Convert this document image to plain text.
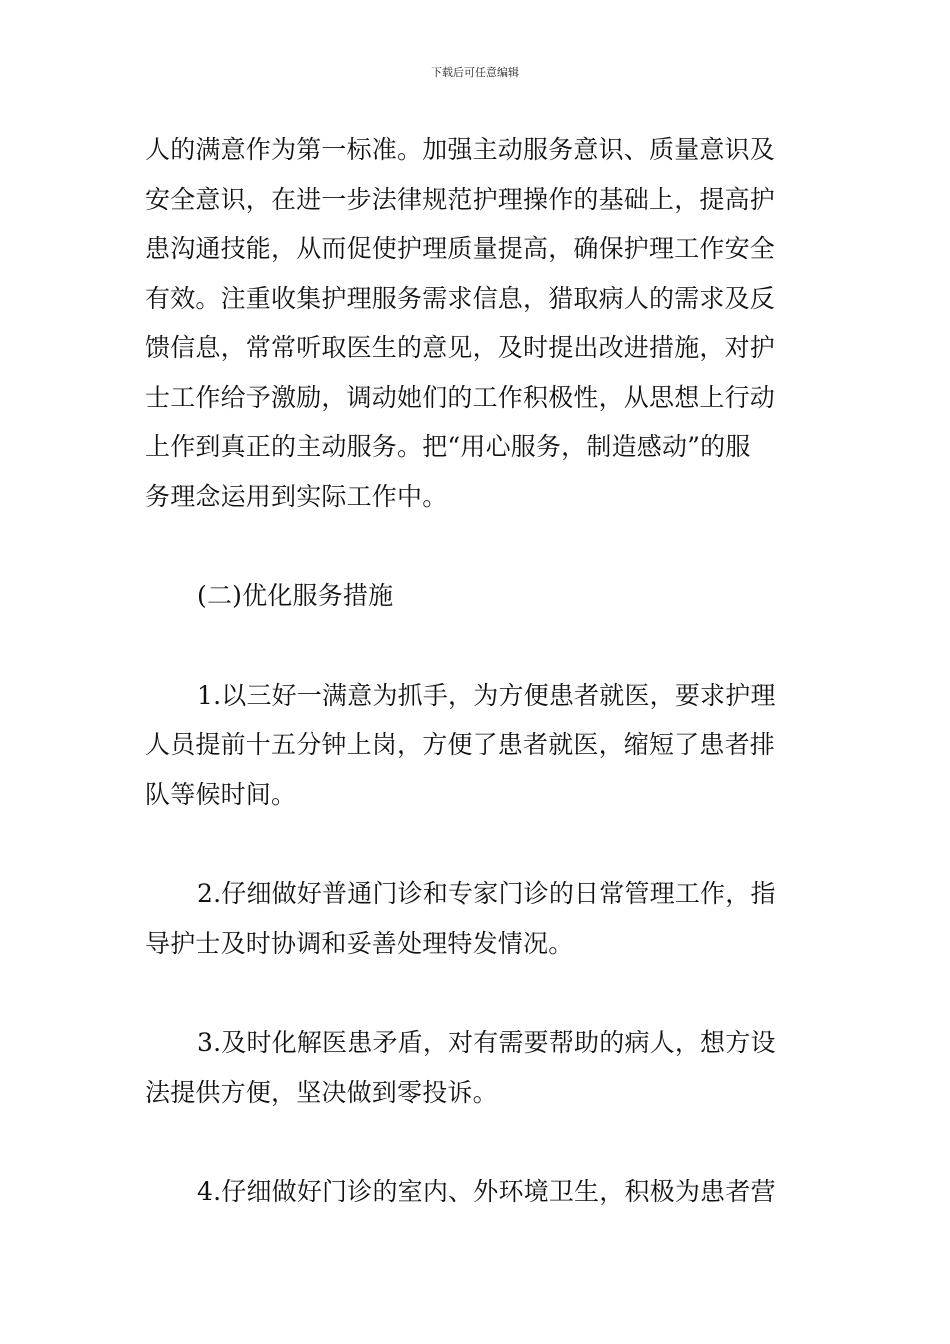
下载后可任意编辑

人的满意作为第一标准。加强主动服务意识、质量意识及
安全意识，在进一步法律规范护理操作的基础上，提高护
患沟通技能，从而促使护理质量提高，确保护理工作安全
有效。注重收集护理服务需求信息，猎取病人的需求及反
馈信息，常常听取医生的意见，及时提出改进措施，对护
士工作给予激励，调动她们的工作积极性，从思想上行动
上作到真正的主动服务。把“用心服务，制造感动”的服
务理念运用到实际工作中。

(二)优化服务措施

1.以三好一满意为抓手，为方便患者就医，要求护理
人员提前十五分钟上岗，方便了患者就医，缩短了患者排
队等候时间。

2.仔细做好普通门诊和专家门诊的日常管理工作，指
导护士及时协调和妥善处理特发情况。

3.及时化解医患矛盾，对有需要帮助的病人，想方设
法提供方便，坚决做到零投诉。

4.仔细做好门诊的室内、外环境卫生，积极为患者营
